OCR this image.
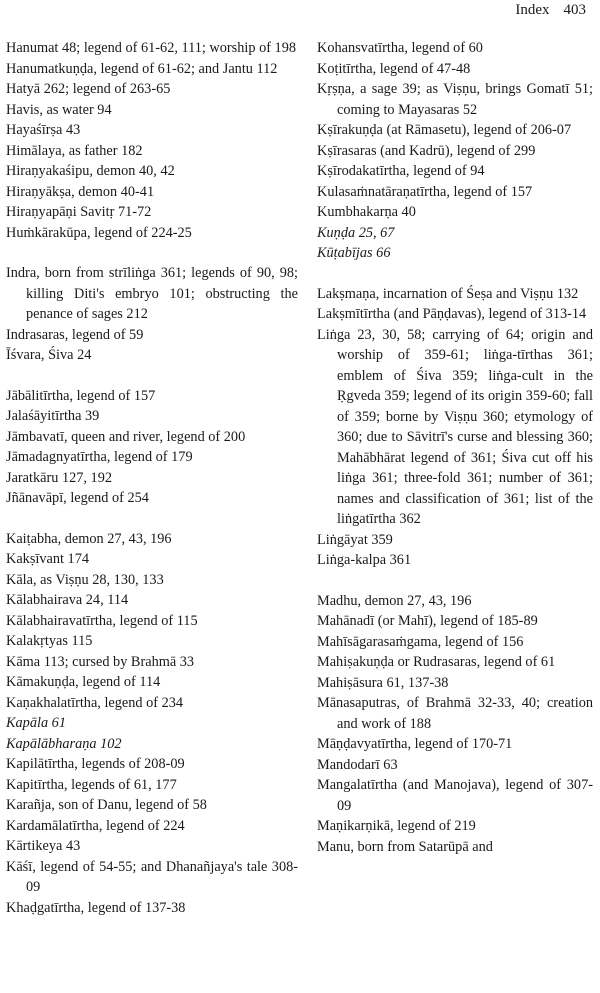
Index 403
Hanumat 48; legend of 61-62, 111; worship of 198
Hanumatkuṇḍa, legend of 61-62; and Jantu 112
Hatyā 262; legend of 263-65
Havis, as water 94
Hayaśīrṣa 43
Himālaya, as father 182
Hiraṇyakaśipu, demon 40, 42
Hiraṇyākṣa, demon 40-41
Hiraṇyapāṇi Savitṛ 71-72
Huṁkārakūpa, legend of 224-25
Indra, born from strīliṅga 361; legends of 90, 98; killing Diti's embryo 101; obstructing the penance of sages 212
Indrasaras, legend of 59
Īśvara, Śiva 24
Jābālitīrtha, legend of 157
Jalaśāyitīrtha 39
Jāmbavatī, queen and river, legend of 200
Jāmadagnyatīrtha, legend of 179
Jaratkāru 127, 192
Jñānavāpī, legend of 254
Kaiṭabha, demon 27, 43, 196
Kakṣīvant 174
Kāla, as Viṣṇu 28, 130, 133
Kālabhairava 24, 114
Kālabhairavatīrtha, legend of 115
Kalakṛtyas 115
Kāma 113; cursed by Brahmā 33
Kāmakuṇḍa, legend of 114
Kaṇakhalatīrtha, legend of 234
Kapāla 61
Kapālābharaṇa 102
Kapilātīrtha, legends of 208-09
Kapitīrtha, legends of 61, 177
Karañja, son of Danu, legend of 58
Kardamālatīrtha, legend of 224
Kārtikeya 43
Kāśī, legend of 54-55; and Dhanañjaya's tale 308-09
Khaḍgatīrtha, legend of 137-38
Kohansvatīrtha, legend of 60
Koṭitīrtha, legend of 47-48
Kṛṣṇa, a sage 39; as Viṣṇu, brings Gomatī 51; coming to Mayasaras 52
Kṣīrakuṇḍa (at Rāmasetu), legend of 206-07
Kṣīrasaras (and Kadrū), legend of 299
Kṣīrodakatīrtha, legend of 94
Kulasaṁnatāraṇatīrtha, legend of 157
Kumbhakarṇa 40
Kuṇḍa 25, 67
Kūṭabījas 66
Lakṣmaṇa, incarnation of Śeṣa and Viṣṇu 132
Lakṣmītīrtha (and Pāṇḍavas), legend of 313-14
Liṅga 23, 30, 58; carrying of 64; origin and worship of 359-61; liṅga-tīrthas 361; emblem of Śiva 359; liṅga-cult in the Ṛgveda 359; legend of its origin 359-60; fall of 359; borne by Viṣṇu 360; etymology of 360; due to Sāvitrī's curse and blessing 360; Mahābhārat legend of 361; Śiva cut off his liṅga 361; three-fold 361; number of 361; names and classification of 361; list of the liṅgatīrtha 362
Liṅgāyat 359
Liṅga-kalpa 361
Madhu, demon 27, 43, 196
Mahānadī (or Mahī), legend of 185-89
Mahīsāgarasaṁgama, legend of 156
Mahiṣakuṇḍa or Rudrasaras, legend of 61
Mahiṣāsura 61, 137-38
Mānasaputras, of Brahmā 32-33, 40; creation and work of 188
Māṇḍavyatīrtha, legend of 170-71
Mandodarī 63
Mangalatīrtha (and Manojava), legend of 307-09
Maṇikarṇikā, legend of 219
Manu, born from Satarūpā and
